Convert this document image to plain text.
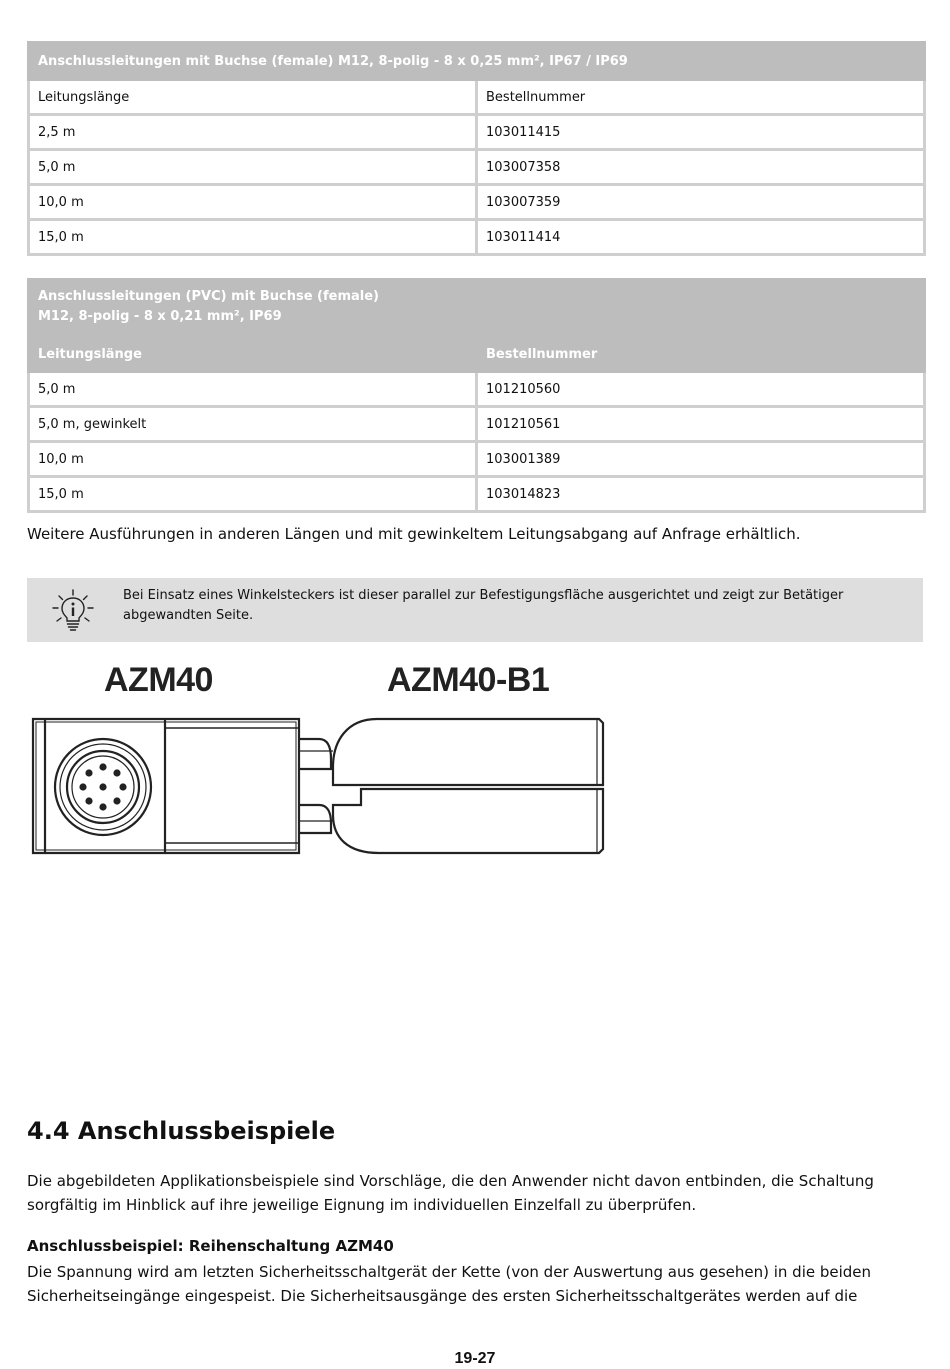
Anschlussleitungen mit Buchse (female) M12, 8-polig - 8 x 0,25 mm², IP67 / IP69	
Leitungslänge	Bestellnummer
2,5 m	103011415
5,0 m	103007358
10,0 m	103007359
15,0 m	103011414
Anschlussleitungen (PVC) mit Buchse (female)
M12, 8-polig - 8 x 0,21 mm², IP69	
Leitungslänge	Bestellnummer
5,0 m	101210560
5,0 m, gewinkelt	101210561
10,0 m	103001389
15,0 m	103014823

Weitere Ausführungen in anderen Längen und mit gewinkeltem Leitungsabgang auf Anfrage erhältlich.

Bei Einsatz eines Winkelsteckers ist dieser parallel zur Befestigungsfläche ausgerichtet und zeigt zur Betätiger
abgewandten Seite.
AZM40	AZM40-B1
4.4 Anschlussbeispiele

Die abgebildeten Applikationsbeispiele sind Vorschläge, die den Anwender nicht davon entbinden, die Schaltung sorgfältig im Hinblick auf ihre jeweilige Eignung im individuellen Einzelfall zu überprüfen.

Anschlussbeispiel: Reihenschaltung AZM40

Die Spannung wird am letzten Sicherheitsschaltgerät der Kette (von der Auswertung aus gesehen) in die beiden Sicherheitseingänge eingespeist. Die Sicherheitsausgänge des ersten Sicherheitsschaltgerätes werden auf die

19-27
